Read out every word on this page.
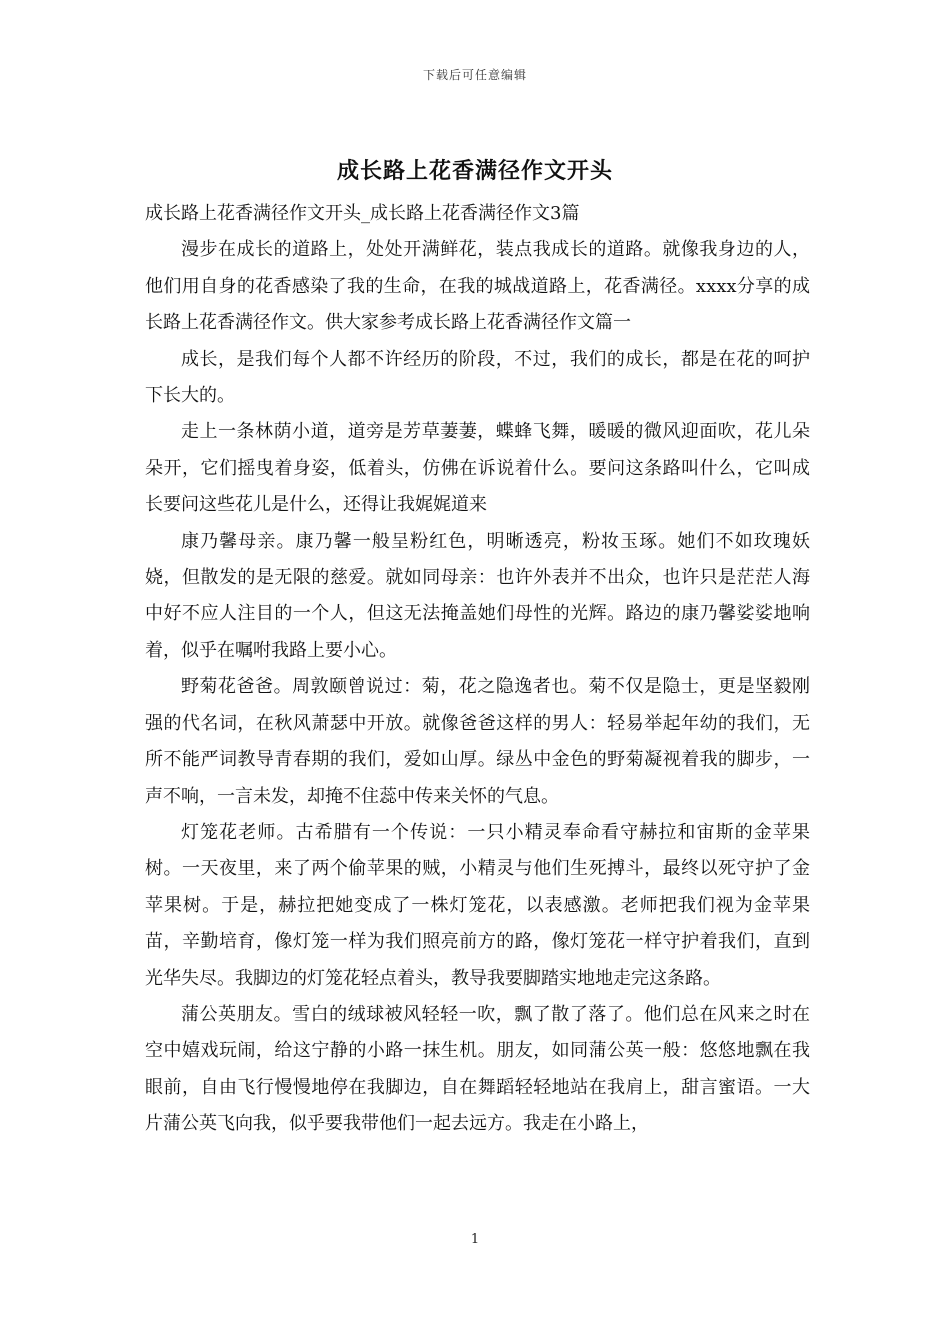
下载后可任意编辑
成长路上花香满径作文开头

成长路上花香满径作文开头_成长路上花香满径作文3篇

漫步在成长的道路上，处处开满鲜花，装点我成长的道路。就像我身边的人，他们用自身的花香感染了我的生命，在我的城战道路上，花香满径。xxxx分享的成长路上花香满径作文。供大家参考成长路上花香满径作文篇一

成长，是我们每个人都不许经历的阶段，不过，我们的成长，都是在花的呵护下长大的。

走上一条林荫小道，道旁是芳草萋萋，蝶蜂飞舞，暖暖的微风迎面吹，花儿朵朵开，它们摇曳着身姿，低着头，仿佛在诉说着什么。要问这条路叫什么，它叫成长要问这些花儿是什么，还得让我娓娓道来

康乃馨母亲。康乃馨一般呈粉红色，明晰透亮，粉妆玉琢。她们不如玫瑰妖娆，但散发的是无限的慈爱。就如同母亲：也许外表并不出众，也许只是茫茫人海中好不应人注目的一个人，但这无法掩盖她们母性的光辉。路边的康乃馨娑娑地响着，似乎在嘱咐我路上要小心。

野菊花爸爸。周敦颐曾说过：菊，花之隐逸者也。菊不仅是隐士，更是坚毅刚强的代名词，在秋风萧瑟中开放。就像爸爸这样的男人：轻易举起年幼的我们，无所不能严词教导青春期的我们，爱如山厚。绿丛中金色的野菊凝视着我的脚步，一声不响，一言未发，却掩不住蕊中传来关怀的气息。

灯笼花老师。古希腊有一个传说：一只小精灵奉命看守赫拉和宙斯的金苹果树。一天夜里，来了两个偷苹果的贼，小精灵与他们生死搏斗，最终以死守护了金苹果树。于是，赫拉把她变成了一株灯笼花，以表感激。老师把我们视为金苹果苗，辛勤培育，像灯笼一样为我们照亮前方的路，像灯笼花一样守护着我们，直到光华失尽。我脚边的灯笼花轻点着头，教导我要脚踏实地地走完这条路。

蒲公英朋友。雪白的绒球被风轻轻一吹，飘了散了落了。他们总在风来之时在空中嬉戏玩闹，给这宁静的小路一抹生机。朋友，如同蒲公英一般：悠悠地飘在我眼前，自由飞行慢慢地停在我脚边，自在舞蹈轻轻地站在我肩上，甜言蜜语。一大片蒲公英飞向我，似乎要我带他们一起去远方。我走在小路上，

1
